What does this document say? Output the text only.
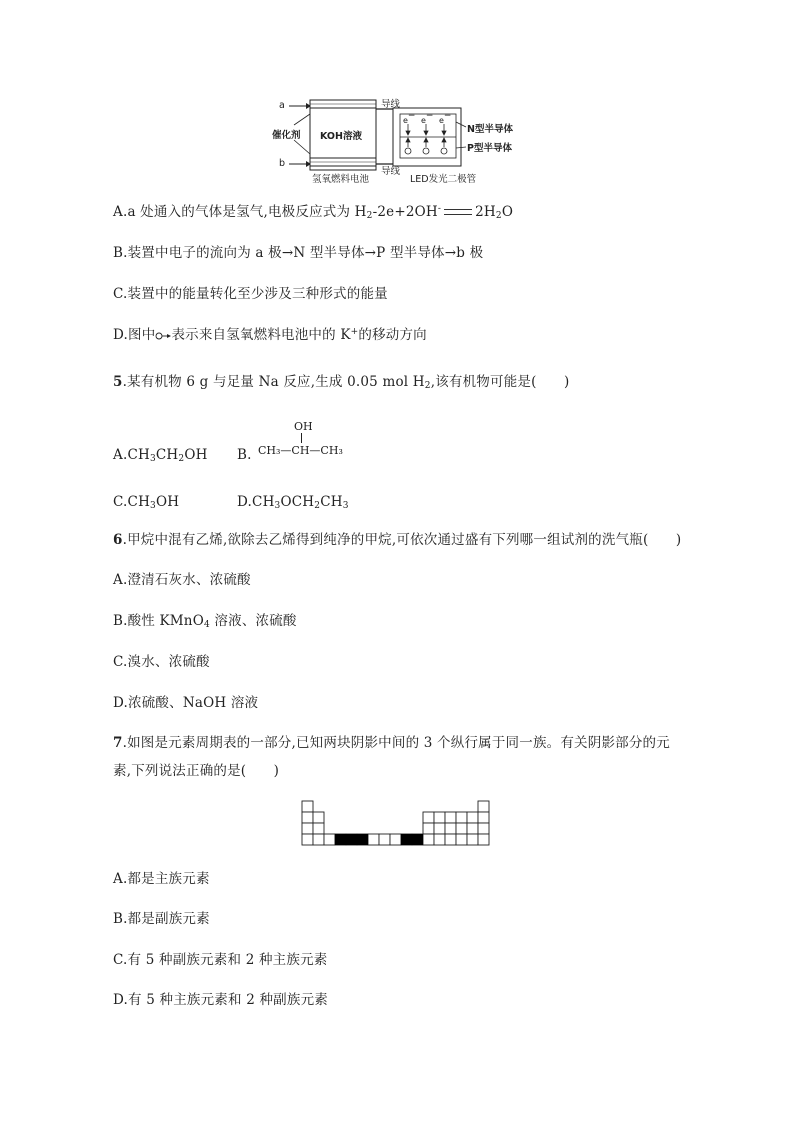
a
b
催化剂 KOH溶液
导线
导线
氢氧燃料电池	LED发光二极管
N型半导体
P型半导体
e− e− e−
A.a 处通入的气体是氢气,电极反应式为 $H_2-2e+2OH^-$	$2H_2O$
B.装置中电子的流向为 a 极→N 型半导体→P 型半导体→b 极
C.装置中的能量转化至少涉及三种形式的能量
D.图中 表示来自氢氧燃料电池中的 K+的移动方向
5.某有机物 6 g 与足量 Na 反应,生成 0.05 mol $H_2$,该有机物可能是(　　)
$A.CH_3CH_2OH$ B.
OH
CH₃—CH—CH₃
$C.CH_3OH$	$D.CH_3OCH_2CH_3$
6.甲烷中混有乙烯,欲除去乙烯得到纯净的甲烷,可依次通过盛有下列哪一组试剂的洗气瓶(　　)
A.澄清石灰水、浓硫酸
B.酸性 KMnO$_4$ 溶液、浓硫酸
C.溴水、浓硫酸
D.浓硫酸、NaOH 溶液
7.如图是元素周期表的一部分,已知两块阴影中间的 3 个纵行属于同一族。有关阴影部分的元
素,下列说法正确的是(　　)
A.都是主族元素
B.都是副族元素
C.有 5 种副族元素和 2 种主族元素
D.有 5 种主族元素和 2 种副族元素
